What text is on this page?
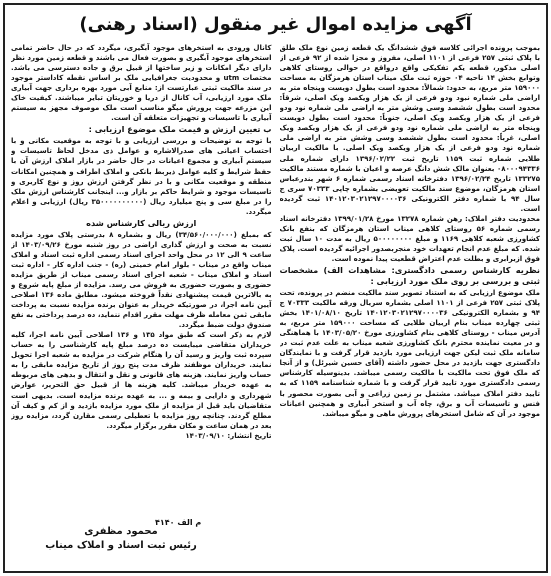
آگهی مزایده اموال غیر منقول (اسناد رهنی)

بموجب پرونده اجرائی کلاسه فوق ششدانگ یک قطعه زمین نوع ملک طلق با پلاک ثبتی ۲۵۷ فرعی از ۱۱۰۱ اصلی، مفروز و مجزا شده از ۹۲ فرعی از اصلی مذکور، قطعه یکم تفکیکی واقع درواقع در حوالی روستای کلاهی وتوابع بخش ۱۴ ناحیه ۰۴ حوزه ثبت ملک میناب استان هرمزگان به مساحت ۱۵۹۰۰۰ متر مربع، به حدود: شمالاً: محدود است بطول دویست وپنجاه متر به اراضی ملی شماره نبود ودو فرعی از یک هزار ویکصد ویک اصلی، شرقاً: محدود است بطول ششصد وسی وشش متر به اراضی ملی شماره نود ودو فرعی از یک هزار ویکصد ویک اصلی، جنوباً: محدود است بطول دویست وپنجاه متر به اراضی ملی شماره نود ودو فرعی از یک هزار ویکصد ویک اصلی، غرباً: محدود است بطول ششصد وسی وشش متر به اراضی ملی شماره نود ودو فرعی از یک هزار ویکصد ویک اصلی. با مالکیت اربیان طلایی شماره ثبت ۱۱۵۹ تاریخ ثبت ۱۳۹۶/۰۲/۲۲ دارای شماره ملی ۰۸۰۰۰۹۴۳۳۶ بعنوان مالک شش دانگ عرصه و اعیان با شماره مستند مالکیت ۱۳۳۲۷۵ تاریخ ۱۳۹۶/۰۲/۲۴ دفترخانه اسناد رسمی شماره ۶ شهر بندرعباس استان هرمزگان، موضوع سند مالکیت تعویضی بشماره چاپی ۷۰۳۳۳ سری ج سال ۹۴ با شماره دفتر الکترونیکی ۱۴۰۱۲۰۳۰۲۱۲۹۷۰۰۰۰۳۶ ثبت گردیده است.

محدودیت دفتر املاک: رهن شماره ۱۳۲۷۸ مورخ ۱۳۹۹/۰۱/۲۸ دفترخانه اسناد رسمی شماره ۵۶ روستای کلاهی میناب استان هرمزگان که بنفع بانک کشاورزی شعبه کلاهی ۱۱۶۹ و مبلغ ۵۰۰۰۰۰۰۰۰ ریال به مدت ۱۰ سال ثبت شده. که مبلغ عدم انجام تعهدات خود منجربصدور اجرائیه گردیده است. پلاک فوق ازبرابری و بطلت عدم اعتراض قطعیت پیدا نموده است.

نظریه کارشناس رسمی دادگستری: مشاهدات الف) مشخصات ثبتی و بررسی بر روی ملک مورد ارزیابی :

ملک موضوع ارزیابی که به استناد تصویر سند مالکیت منضم در پرونده، تحت پلاک ثبتی ۲۵۷ فرعی از ۱۱۰۱ اصلی بشماره سریال ورقه مالکیت ۷۰۳۳۳ ج ۹۴ و بشماره الکترونیکی ۱۴۰۱۲۰۳۰۲۱۲۹۷۰۰۰۰۳۶ تاریخ ۱۴۰۱/۰۸/۱۰ بخش ثبتی چهارده میناب بنام اربیان طلایی که مساحت ۱۵۹۰۰۰ متر مربع، به آدرس میناب - روستای کلاهی بنام کشاورزی مورخ ۱۴۰۳/۰۵/۲۰ با هماهنگی و در معیت نماینده محترم بانک کشاورزی شعبه میناب به علت عدم ثبت در سامانه ملک ثبت لیکن جهت ارزیابی مورد بازدید قرار گرفت و با نمایندگان دادگستری جهت بازدید در محل حضور داشته (آقای حسین شیرئل) و از آنجا که ملک فوق تحت مالکیت با مالکیت رسمی میباشد. بدینوسیله کارشناس رسمی دادگستری مورد تایید قرار گرفت و با شماره شناسنامه ۱۱۵۹ که به تایید دفتر املاک میباشد. مشتمل بر زمین زراعی و آبی بصورت محصور با فنس و تاسیسات آب و برق، چاه آب و استخر آبیاری و همچنین اعیانات موجود در آن که شامل استخرهای پرورش ماهی و میگو میباشد.

کانال ورودی به استخرهای موجود آبگیری، میگردد که در حال حاضر تمامی استخرهای موجود آبگیری و بصورت فعال می باشند و قطعه زمین مورد نظر دارای دیگر امکانات و زیر ساختها از قبیل برق و جاده دسترسی می باشد. مختصات utm و محدودیت جغرافیایی ملک بر اساس نقطه کاداستر موجود در سند مالکیت ثبتی عبارتست از: منابع آبی مورد بهره برداری جهت آبیاری ملک مورد ارزیابی، آب کانال از دریا و خوریتان تبایر میباشند. کیفیت خاک این مزرعه جهت پرورش میگو مناسب است ملک موصوف مجهز به سیستم آبیاری با تاسیسات و تجهیزات متعلقه آن است.

ب تعیین ارزش و قیمت ملک موضوع ارزیابی :

با توجه به توضیحات و بررسی ارزیابی و با توجه به موقعیت مکانی و با احتساب اعیانی های صدرالاشاره و عوامل ذی مدخل لحاظ تاسیسات و سیستم آبیاری و مجموع اعیانات در حال حاضر در بازار املاک ارزش آن با حفظ شرایط و کلیه عوامل ذیربط بانکی و املاک اطراف و همچنین امکانات منطقه و موقعیت مکانی و با در نظر گرفتن ارزش روز و نوع کاربری و تاسیسات موجود و شرایط حاکم بر بازار و... اینجانب کارشناس ارزش ملک را در مبلغ سی و پنج میلیارد ریال (۳۵۰۰۰۰۰۰۰۰۰۰ ریال) ارزیابی و اعلام میگردد.

ارزش ریالی کارشناس شده

که بمبلغ (۳۴/۵۶۰/۰۰۰/۰۰۰) ریال و بشماره ۸ بدرستی پلاک مورد مزایده نسبت به صحت و ارزش گذاری اراضی در روز شنبه مورخ ۱۴۰۳/۰۹/۲۶ از ساعت ۹ الی ۱۲ در محل واحد اجرای اسناد رسمی اداره ثبت اسناد و املاک میناب واقع در میناب - بلوار امام خمینی (ره) - جنب اداره کار - اداره ثبت اسناد و املاک میناب - شعبه اجرای اسناد رسمی میناب از طریق مزایده حضوری و بصورت حضوری به فروش می رسد. مزایده از مبلغ پایه شروع و به بالاترین قیمت پیشنهادی نقداً فروخته میشود. مطابق ماده ۱۳۶ اصلاحی آیین نامه اجرا، در صورتیکه خریدار به عنوان برنده مزایده نسبت به پرداخت مابقی ثمن معامله ظرف مهلت مقرر اقدام ننماید، ده درصد پرداختی به نفع صندوق دولت ضبط میگردد.

لازم به ذکر است که طبق مواد ۱۳۵ و ۱۳۶ اصلاحی آیین نامه اجرا، کلیه خریداران متقاضی میبایست ده درصد مبلغ پایه کارشناسی را به حساب سپرده ثبت واریز و رسید آن را هنگام شرکت در مزایده به شعبه اجرا تحویل نمایند. خریداران موظفند ظرف مدت پنج روز از تاریخ مزایده مابقی را به حساب واریز نمایند. هزینه های قانونی و نقل و انتقال و بدهی های مربوطه به عهده خریدار میباشد. کلیه هزینه ها از قبیل حق التحریر، عوارض شهرداری و دارایی و بیمه و ... به عهده برنده مزایده است. بدیهی است متقاضیان باید قبل از مزایده از ملک مورد مزایده بازدید و از کم و کیف آن مطلع گردند. چنانچه روز مزایده با تعطیلی رسمی مقارن گردد، مزایده روز بعد در همان ساعت و مکان مقرر برگزار میگردد.

تاریخ انتشار: ۱۴۰۳/۰۹/۱۰

م الف ۴۱۴۰
محمود مظفری
رئیس ثبت اسناد و املاک میناب
